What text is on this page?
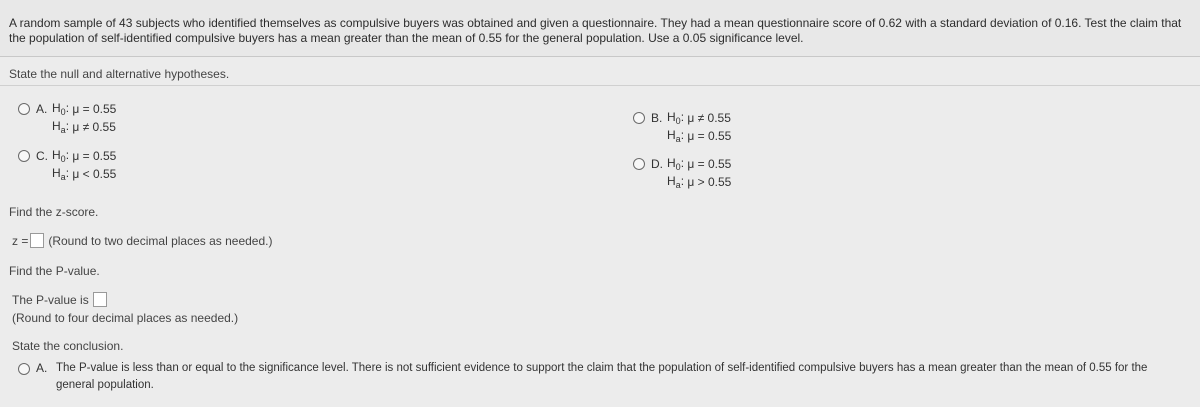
A random sample of 43 subjects who identified themselves as compulsive buyers was obtained and given a questionnaire. They had a mean questionnaire score of 0.62 with a standard deviation of 0.16. Test the claim that the population of self-identified compulsive buyers has a mean greater than the mean of 0.55 for the general population. Use a 0.05 significance level.
State the null and alternative hypotheses.
A. $H_0$: μ = 0.55
$H_a$: μ ≠ 0.55
B. $H_0$: μ ≠ 0.55
$H_a$: μ = 0.55
C. $H_0$: μ = 0.55
$H_a$: μ < 0.55
D. $H_0$: μ = 0.55
$H_a$: μ > 0.55
Find the z-score.
z = (Round to two decimal places as needed.)
Find the P-value.
The P-value is
(Round to four decimal places as needed.)
State the conclusion.
A. The P-value is less than or equal to the significance level. There is not sufficient evidence to support the claim that the population of self-identified compulsive buyers has a mean greater than the mean of 0.55 for the
general population.
